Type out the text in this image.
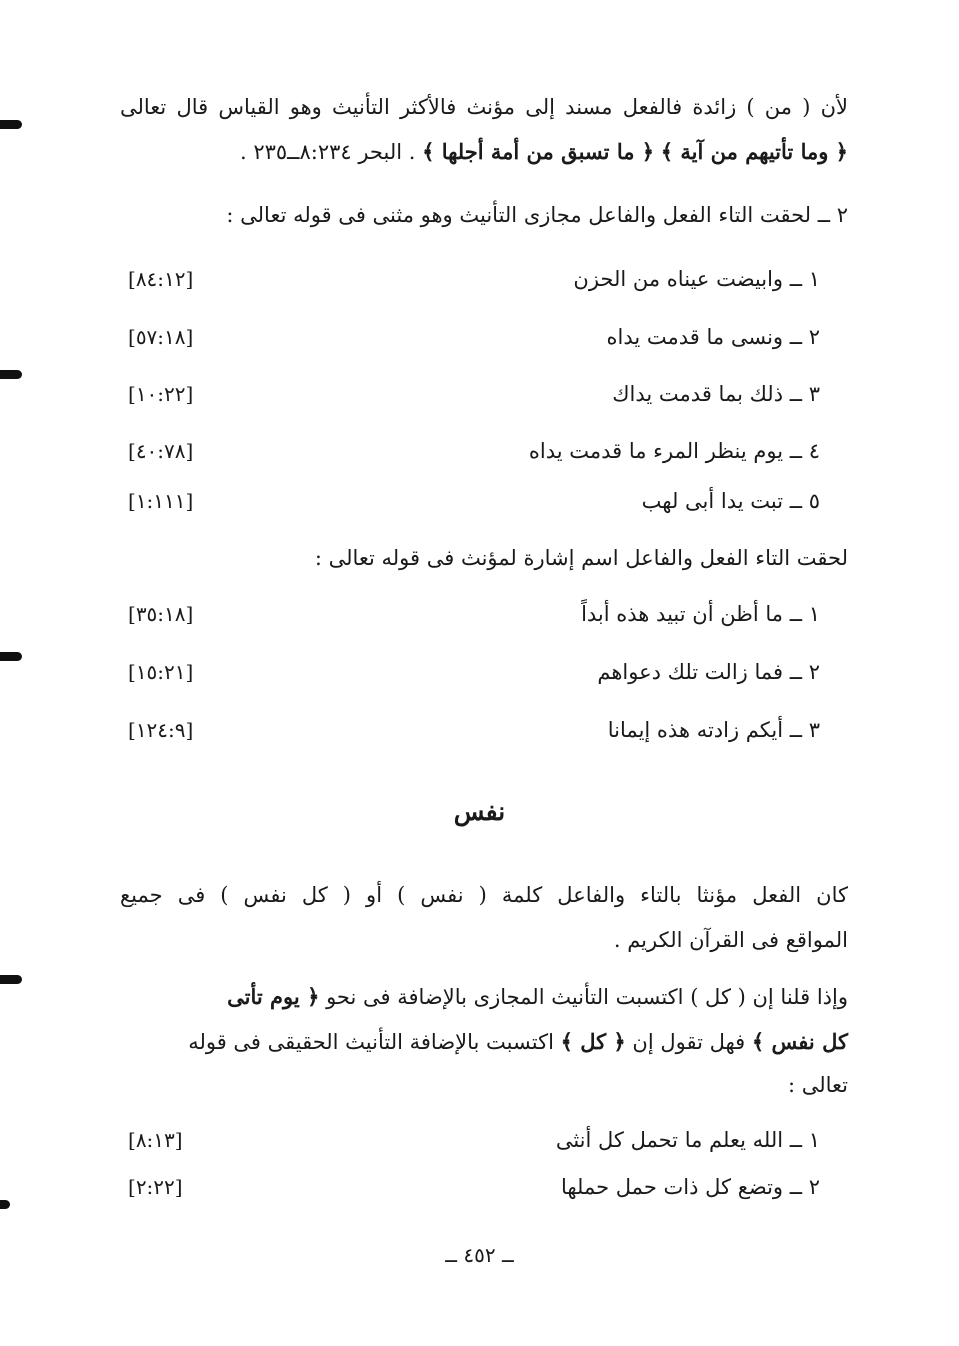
لأن ( من ) زائدة فالفعل مسند إلى مؤنث فالأكثر التأنيث وهو القياس قال تعالى
﴿ وما تأتيهم من آية ﴾ ﴿ ما تسبق من أمة أجلها ﴾ . البحر ٨:٢٣٤ــ٢٣٥ .
٢ ــ لحقت التاء الفعل والفاعل مجازى التأنيث وهو مثنى فى قوله تعالى :
[٨٤:١٢]	١ ــ وابيضت عيناه من الحزن
[٥٧:١٨]	٢ ــ ونسى ما قدمت يداه
[١٠:٢٢]	٣ ــ ذلك بما قدمت يداك
[٤٠:٧٨]	٤ ــ يوم ينظر المرء ما قدمت يداه
[١:١١١]	٥ ــ تبت يدا أبى لهب
لحقت التاء الفعل والفاعل اسم إشارة لمؤنث فى قوله تعالى :
[٣٥:١٨]	١ ــ ما أظن أن تبيد هذه أبداً
[١٥:٢١]	٢ ــ فما زالت تلك دعواهم
[١٢٤:٩]	٣ ــ أيكم زادته هذه إيمانا
نفس
كان الفعل مؤنثا بالتاء والفاعل كلمة ( نفس ) أو ( كل نفس ) فى جميع
المواقع فى القرآن الكريم .
وإذا قلنا إن ( كل ) اكتسبت التأنيث المجازى بالإضافة فى نحو ﴿ يوم تأتى
كل نفس ﴾ فهل تقول إن ﴿ كل ﴾ اكتسبت بالإضافة التأنيث الحقيقى فى قوله
تعالى :
[٨:١٣]	١ ــ الله يعلم ما تحمل كل أنثى
[٢:٢٢]	٢ ــ وتضع كل ذات حمل حملها
ــ ٤٥٢ ــ
